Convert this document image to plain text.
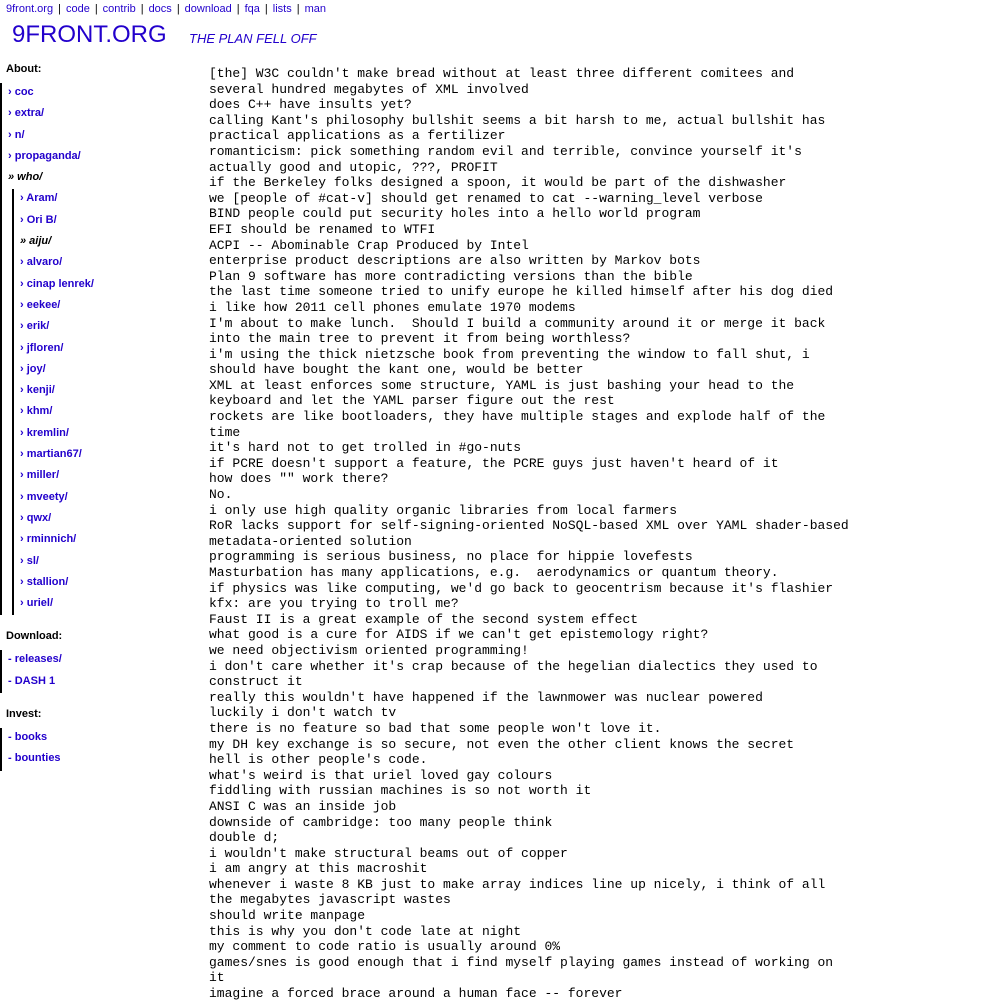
9front.org | code | contrib | docs | download | fqa | lists | man
9FRONT.ORG THE PLAN FELL OFF
About:
› coc
› extra/
› n/
› propaganda/
» who/
› Aram/
› Ori B/
» aiju/
› alvaro/
› cinap lenrek/
› eekee/
› erik/
› jfloren/
› joy/
› kenji/
› khm/
› kremlin/
› martian67/
› miller/
› mveety/
› qwx/
› rminnich/
› sl/
› stallion/
› uriel/
Download:
- releases/
- DASH 1
Invest:
- books
- bounties
[the] W3C couldn't make bread without at least three different comitees and
several hundred megabytes of XML involved
does C++ have insults yet?
calling Kant's philosophy bullshit seems a bit harsh to me, actual bullshit has
practical applications as a fertilizer
romanticism: pick something random evil and terrible, convince yourself it's
actually good and utopic, ???, PROFIT
if the Berkeley folks designed a spoon, it would be part of the dishwasher
we [people of #cat-v] should get renamed to cat --warning_level verbose
BIND people could put security holes into a hello world program
EFI should be renamed to WTFI
ACPI -- Abominable Crap Produced by Intel
enterprise product descriptions are also written by Markov bots
Plan 9 software has more contradicting versions than the bible
the last time someone tried to unify europe he killed himself after his dog died
i like how 2011 cell phones emulate 1970 modems
I'm about to make lunch.  Should I build a community around it or merge it back
into the main tree to prevent it from being worthless?
i'm using the thick nietzsche book from preventing the window to fall shut, i
should have bought the kant one, would be better
XML at least enforces some structure, YAML is just bashing your head to the
keyboard and let the YAML parser figure out the rest
rockets are like bootloaders, they have multiple stages and explode half of the
time
it's hard not to get trolled in #go-nuts
if PCRE doesn't support a feature, the PCRE guys just haven't heard of it
how does "" work there?
No.
i only use high quality organic libraries from local farmers
RoR lacks support for self-signing-oriented NoSQL-based XML over YAML shader-based
metadata-oriented solution
programming is serious business, no place for hippie lovefests
Masturbation has many applications, e.g.  aerodynamics or quantum theory.
if physics was like computing, we'd go back to geocentrism because it's flashier
kfx: are you trying to troll me?
Faust II is a great example of the second system effect
what good is a cure for AIDS if we can't get epistemology right?
we need objectivism oriented programming!
i don't care whether it's crap because of the hegelian dialectics they used to
construct it
really this wouldn't have happened if the lawnmower was nuclear powered
luckily i don't watch tv
there is no feature so bad that some people won't love it.
my DH key exchange is so secure, not even the other client knows the secret
hell is other people's code.
what's weird is that uriel loved gay colours
fiddling with russian machines is so not worth it
ANSI C was an inside job
downside of cambridge: too many people think
double d;
i wouldn't make structural beams out of copper
i am angry at this macroshit
whenever i waste 8 KB just to make array indices line up nicely, i think of all
the megabytes javascript wastes
should write manpage
this is why you don't code late at night
my comment to code ratio is usually around 0%
games/snes is good enough that i find myself playing games instead of working on
it
imagine a forced brace around a human face -- forever
